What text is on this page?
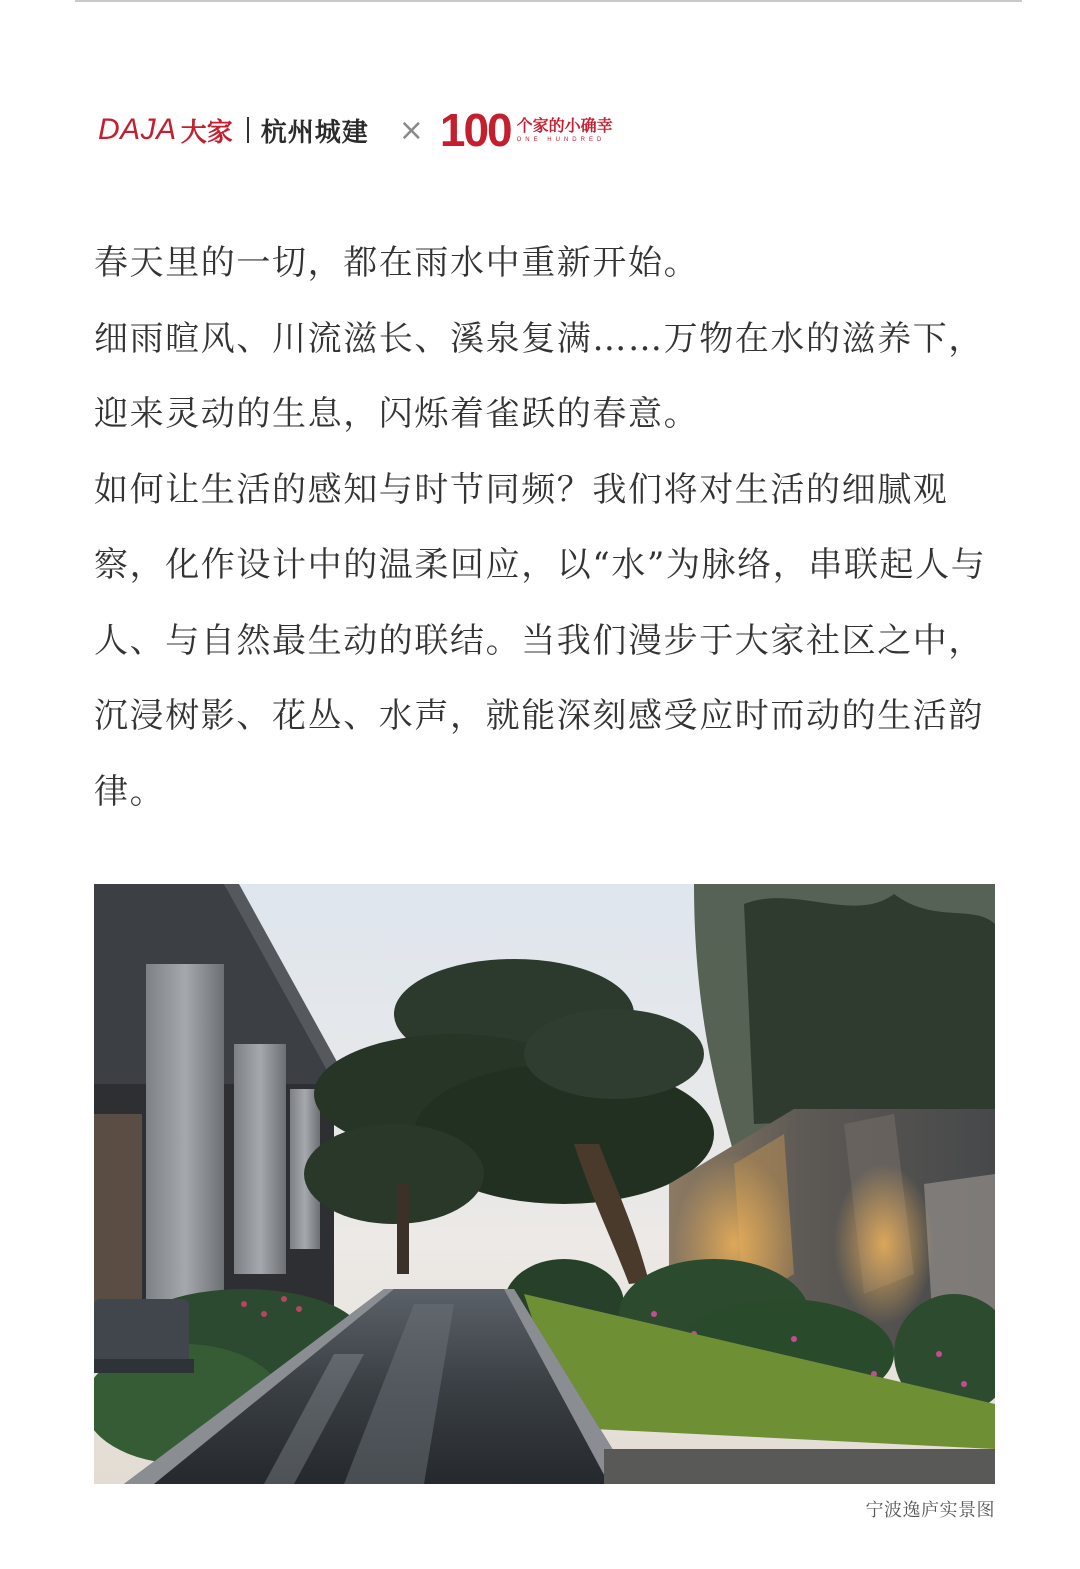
DAJA 大家 杭州城建 × 100 个家的小确幸
ONE HUNDRED

春天里的一切，都在雨水中重新开始。

细雨暄风、川流滋长、溪泉复满……万物在水的滋养下，迎来灵动的生息，闪烁着雀跃的春意。

如何让生活的感知与时节同频？我们将对生活的细腻观察，化作设计中的温柔回应，以“水”为脉络，串联起人与人、与自然最生动的联结。当我们漫步于大家社区之中，沉浸树影、花丛、水声，就能深刻感受应时而动的生活韵律。

宁波逸庐实景图
